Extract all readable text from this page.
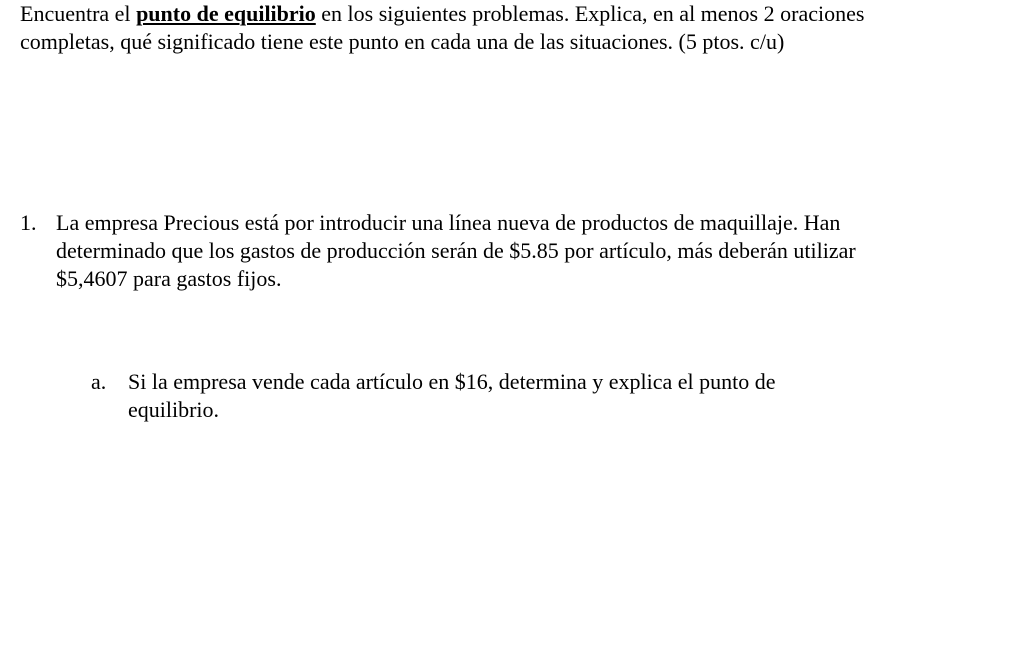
Encuentra el punto de equilibrio en los siguientes problemas. Explica, en al menos 2 oraciones completas, qué significado tiene este punto en cada una de las situaciones. (5 ptos. c/u)

1. La empresa Precious está por introducir una línea nueva de productos de maquillaje. Han determinado que los gastos de producción serán de $5.85 por artículo, más deberán utilizar $5,4607 para gastos fijos.
a. Si la empresa vende cada artículo en $16, determina y explica el punto de equilibrio.
